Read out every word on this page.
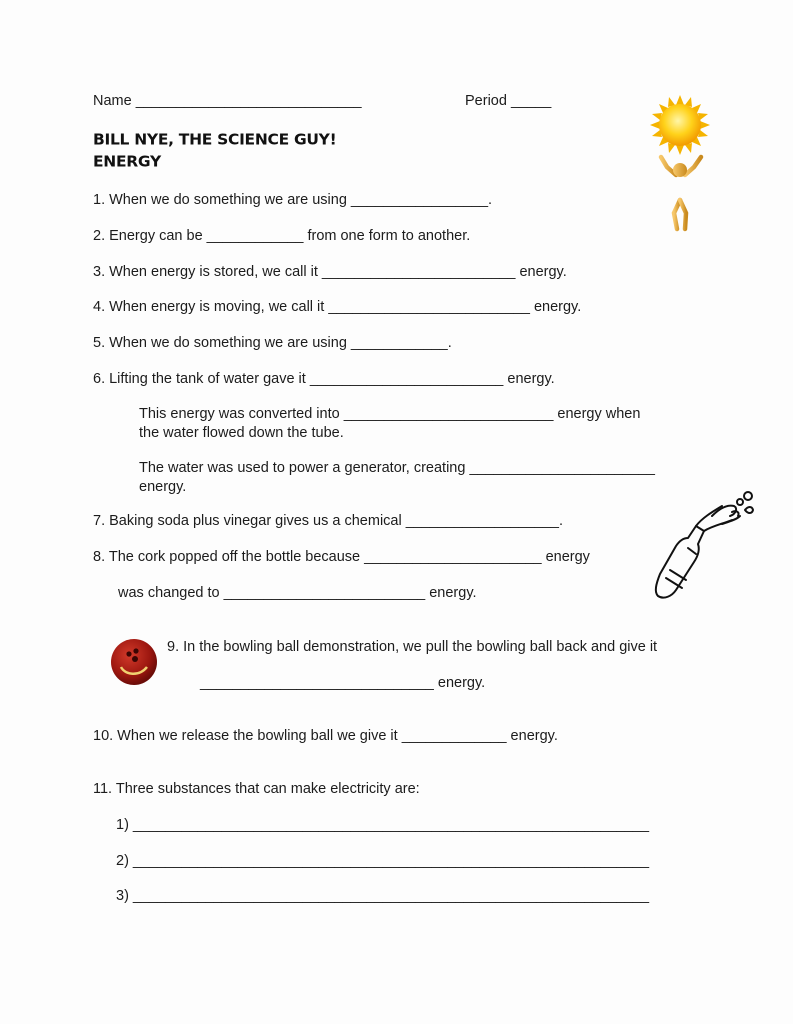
Name ____________________________	Period _____
BILL NYE, THE SCIENCE GUY!
ENERGY
1. When we do something we are using _________________.
2. Energy can be ____________ from one form to another.
3. When energy is stored, we call it ________________________ energy.
4. When energy is moving, we call it _________________________ energy.
5. When we do something we are using ____________.
6. Lifting the tank of water gave it ________________________ energy.
This energy was converted into __________________________ energy when
the water flowed down the tube.
The water was used to power a generator, creating _______________________
energy.
7. Baking soda plus vinegar gives us a chemical ___________________.
8. The cork popped off the bottle because ______________________ energy
was changed to _________________________ energy.
9. In the bowling ball demonstration, we pull the bowling ball back and give it
_____________________________ energy.
10. When we release the bowling ball we give it _____________ energy.
11. Three substances that can make electricity are:
1) ________________________________________________________________
2) ________________________________________________________________
3) ________________________________________________________________
